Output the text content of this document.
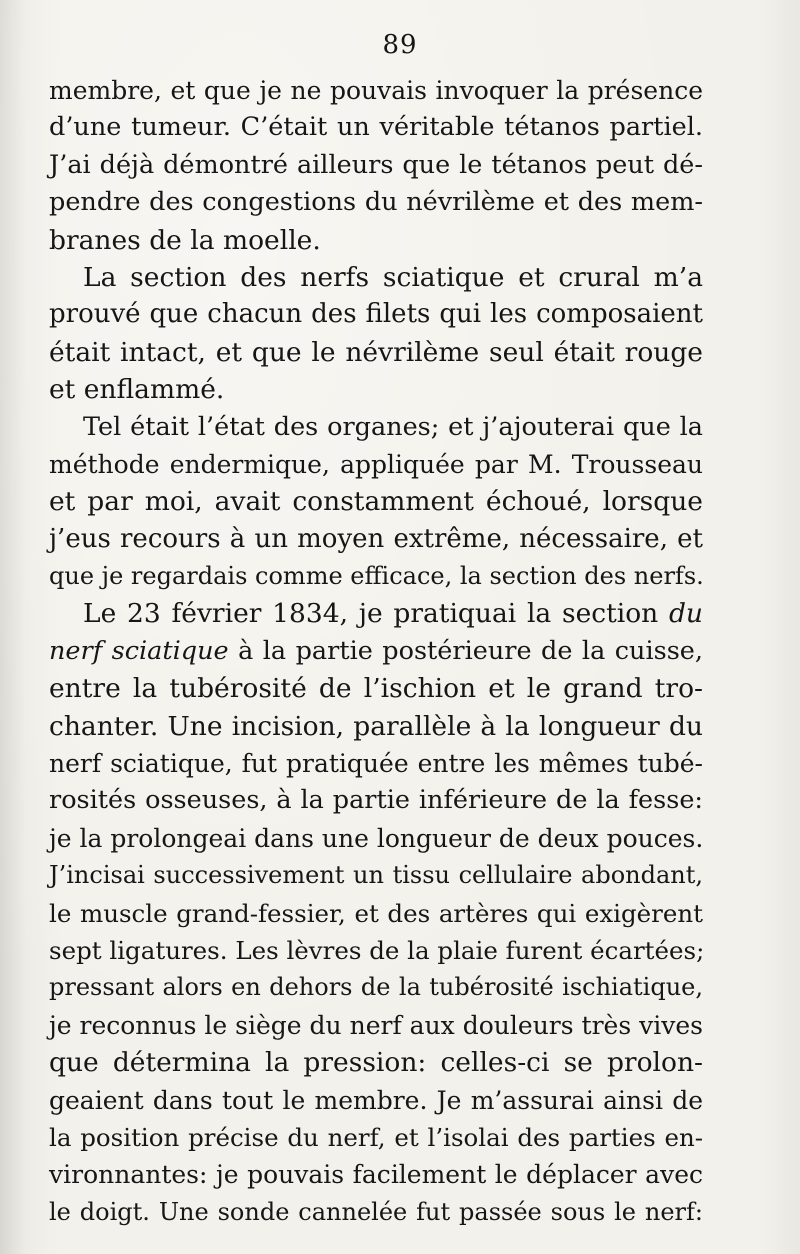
89
membre, et que je ne pouvais invoquer la présence
d’une tumeur. C’était un véritable tétanos partiel.
J’ai déjà démontré ailleurs que le tétanos peut dé-
pendre des congestions du névrilème et des mem-
branes de la moelle.
La section des nerfs sciatique et crural m’a
prouvé que chacun des filets qui les composaient
était intact, et que le névrilème seul était rouge
et enflammé.
Tel était l’état des organes; et j’ajouterai que la
méthode endermique, appliquée par M. Trousseau
et par moi, avait constamment échoué, lorsque
j’eus recours à un moyen extrême, nécessaire, et
que je regardais comme efficace, la section des nerfs.
Le 23 février 1834, je pratiquai la section du
nerf sciatique à la partie postérieure de la cuisse,
entre la tubérosité de l’ischion et le grand tro-
chanter. Une incision, parallèle à la longueur du
nerf sciatique, fut pratiquée entre les mêmes tubé-
rosités osseuses, à la partie inférieure de la fesse:
je la prolongeai dans une longueur de deux pouces.
J’incisai successivement un tissu cellulaire abondant,
le muscle grand-fessier, et des artères qui exigèrent
sept ligatures. Les lèvres de la plaie furent écartées;
pressant alors en dehors de la tubérosité ischiatique,
je reconnus le siège du nerf aux douleurs très vives
que détermina la pression: celles-ci se prolon-
geaient dans tout le membre. Je m’assurai ainsi de
la position précise du nerf, et l’isolai des parties en-
vironnantes: je pouvais facilement le déplacer avec
le doigt. Une sonde cannelée fut passée sous le nerf:
